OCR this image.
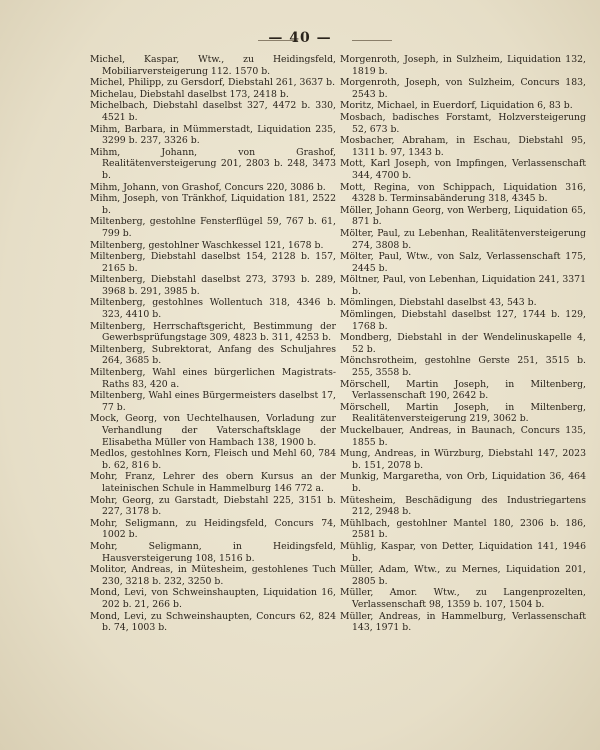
— 40 —

Michel, Kaspar, Wtw., zu Heidingsfeld, Mobiliarversteigerung 112. 1570 b.

Michel, Philipp, zu Gersdorf, Diebstahl 261, 3637 b.

Michelau, Diebstahl daselbst 173, 2418 b.

Michelbach, Diebstahl daselbst 327, 4472 b. 330, 4521 b.

Mihm, Barbara, in Mümmerstadt, Liquidation 235, 3299 b. 237, 3326 b.

Mihm, Johann, von Grashof, Realitätenversteigerung 201, 2803 b. 248, 3473 b.

Mihm, Johann, von Grashof, Concurs 220, 3086 b.

Mihm, Joseph, von Tränkhof, Liquidation 181, 2522 b.

Miltenberg, gestohlne Fensterflügel 59, 767 b. 61, 799 b.

Miltenberg, gestohlner Waschkessel 121, 1678 b.

Miltenberg, Diebstahl daselbst 154, 2128 b. 157, 2165 b.

Miltenberg, Diebstahl daselbst 273, 3793 b. 289, 3968 b. 291, 3985 b.

Miltenberg, gestohlnes Wollentuch 318, 4346 b. 323, 4410 b.

Miltenberg, Herrschaftsgericht, Bestimmung der Gewerbsprüfungstage 309, 4823 b. 311, 4253 b.

Miltenberg, Subrektorat, Anfang des Schuljahres 264, 3685 b.

Miltenberg, Wahl eines bürgerlichen Magistrats-Raths 83, 420 a.

Miltenberg, Wahl eines Bürgermeisters daselbst 17, 77 b.

Mock, Georg, von Uechtelhausen, Vorladung zur Verhandlung der Vaterschaftsklage der Elisabetha Müller von Hambach 138, 1900 b.

Medlos, gestohlnes Korn, Fleisch und Mehl 60, 784 b. 62, 816 b.

Mohr, Franz, Lehrer des obern Kursus an der lateinischen Schule in Hammelburg 146 772 a.

Mohr, Georg, zu Garstadt, Diebstahl 225, 3151 b. 227, 3178 b.

Mohr, Seligmann, zu Heidingsfeld, Concurs 74, 1002 b.

Mohr, Seligmann, in Heidingsfeld, Hausversteigerung 108, 1516 b.

Molitor, Andreas, in Mütesheim, gestohlenes Tuch 230, 3218 b. 232, 3250 b.

Mond, Levi, von Schweinshaupten, Liquidation 16, 202 b. 21, 266 b.

Mond, Levi, zu Schweinshaupten, Concurs 62, 824 b. 74, 1003 b.

Morgenroth, Joseph, in Sulzheim, Liquidation 132, 1819 b.

Morgenroth, Joseph, von Sulzheim, Concurs 183, 2543 b.

Moritz, Michael, in Euerdorf, Liquidation 6, 83 b.

Mosbach, badisches Forstamt, Holzversteigerung 52, 673 b.

Mosbacher, Abraham, in Eschau, Diebstahl 95, 1311 b. 97, 1343 b.

Mott, Karl Joseph, von Impfingen, Verlassenschaft 344, 4700 b.

Mott, Regina, von Schippach, Liquidation 316, 4328 b. Terminsabänderung 318, 4345 b.

Möller, Johann Georg, von Werberg, Liquidation 65, 871 b.

Mölter, Paul, zu Lebenhan, Realitätenversteigerung 274, 3808 b.

Mölter, Paul, Wtw., von Salz, Verlassenschaft 175, 2445 b.

Möltner, Paul, von Lebenhan, Liquidation 241, 3371 b.

Mömlingen, Diebstahl daselbst 43, 543 b.

Mömlingen, Diebstahl daselbst 127, 1744 b. 129, 1768 b.

Mondberg, Diebstahl in der Wendelinuskapelle 4, 52 b.

Mönchsrotheim, gestohlne Gerste 251, 3515 b. 255, 3558 b.

Mörschell, Martin Joseph, in Miltenberg, Verlassenschaft 190, 2642 b.

Mörschell, Martin Joseph, in Miltenberg, Realitätenversteigerung 219, 3062 b.

Muckelbauer, Andreas, in Baunach, Concurs 135, 1855 b.

Mung, Andreas, in Würzburg, Diebstahl 147, 2023 b. 151, 2078 b.

Munkig, Margaretha, von Orb, Liquidation 36, 464 b.

Mütesheim, Beschädigung des Industriegartens 212, 2948 b.

Mühlbach, gestohlner Mantel 180, 2306 b. 186, 2581 b.

Mühlig, Kaspar, von Detter, Liquidation 141, 1946 b.

Müller, Adam, Wtw., zu Mernes, Liquidation 201, 2805 b.

Müller, Amor. Wtw., zu Langenprozelten, Verlassenschaft 98, 1359 b. 107, 1504 b.

Müller, Andreas, in Hammelburg, Verlassenschaft 143, 1971 b.
